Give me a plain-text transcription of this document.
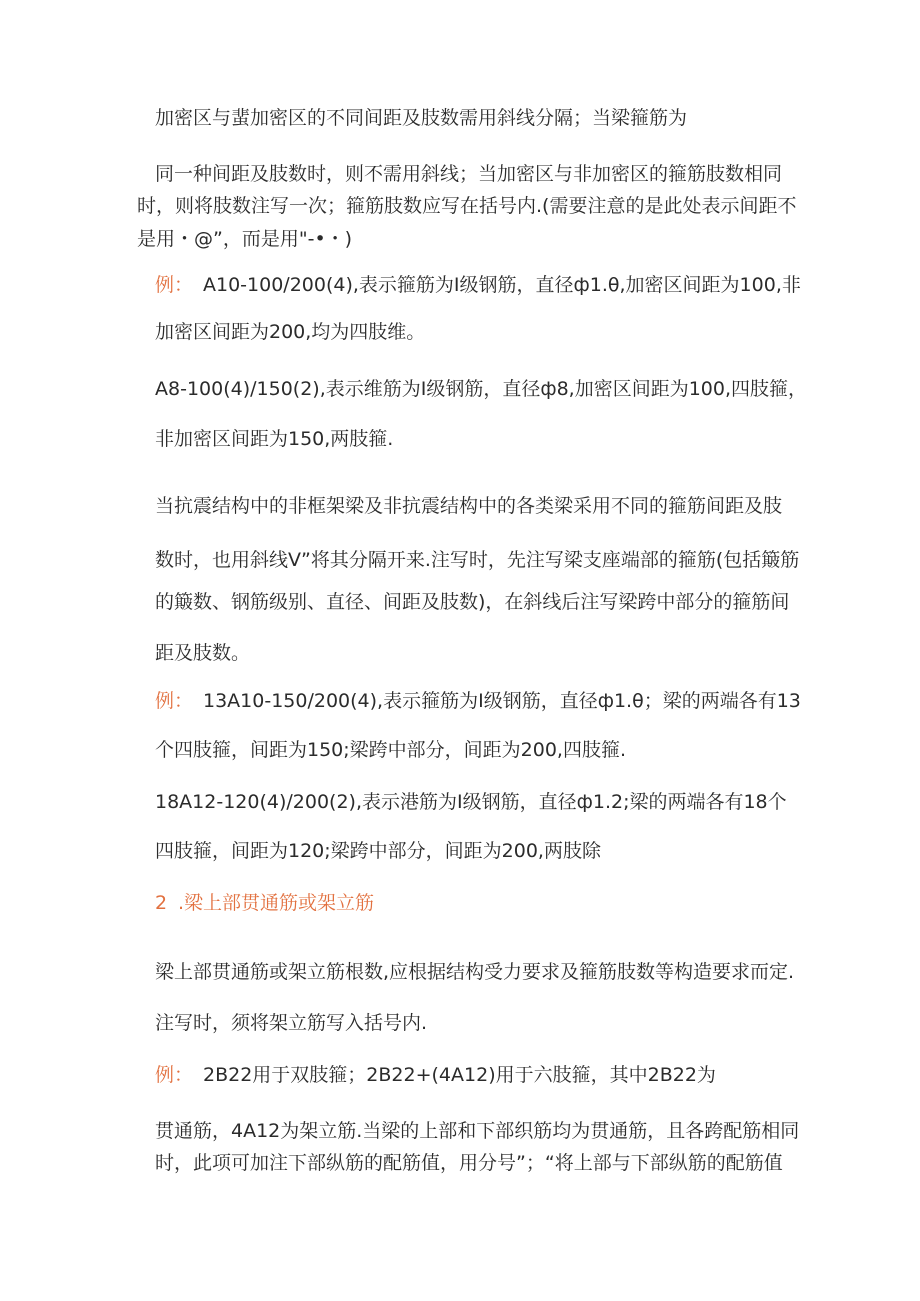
加密区与蜚加密区的不同间距及肢数需用斜线分隔；当梁箍筋为
同一种间距及肢数时，则不需用斜线；当加密区与非加密区的箍筋肢数相同
时，则将肢数注写一次；箍筋肢数应写在括号内.(需要注意的是此处表示间距不
是用・@”，而是用"-•・)
例： A10-100∕200(4),表示箍筋为I级钢筋，直径ф1.θ,加密区间距为100,非
加密区间距为200,均为四肢维。
A8-100(4)∕150(2),表示维筋为I级钢筋，直径ф8,加密区间距为100,四肢箍，
非加密区间距为150,两肢箍.
当抗震结构中的非框架梁及非抗震结构中的各类梁采用不同的箍筋间距及肢
数时，也用斜线V”将其分隔开来.注写时，先注写梁支座端部的箍筋(包括簸筋
的簸数、钢筋级别、直径、间距及肢数)，在斜线后注写梁跨中部分的箍筋间
距及肢数。
例： 13A10-150∕200(4),表示箍筋为I级钢筋，直径ф1.θ；梁的两端各有13
个四肢箍，间距为150;梁跨中部分，间距为200,四肢箍.
18A12-120(4)∕200(2),表示港筋为I级钢筋，直径ф1.2;梁的两端各有18个
四肢箍，间距为120;梁跨中部分，间距为200,两肢除
2 .梁上部贯通筋或架立筋
梁上部贯通筋或架立筋根数,应根据结构受力要求及箍筋肢数等构造要求而定.
注写时，须将架立筋写入括号内.
例： 2B22用于双肢箍；2B22+(4A12)用于六肢箍，其中2B22为
贯通筋，4A12为架立筋.当梁的上部和下部织筋均为贯通筋，且各跨配筋相同
时，此项可加注下部纵筋的配筋值，用分号”；“将上部与下部纵筋的配筋值
